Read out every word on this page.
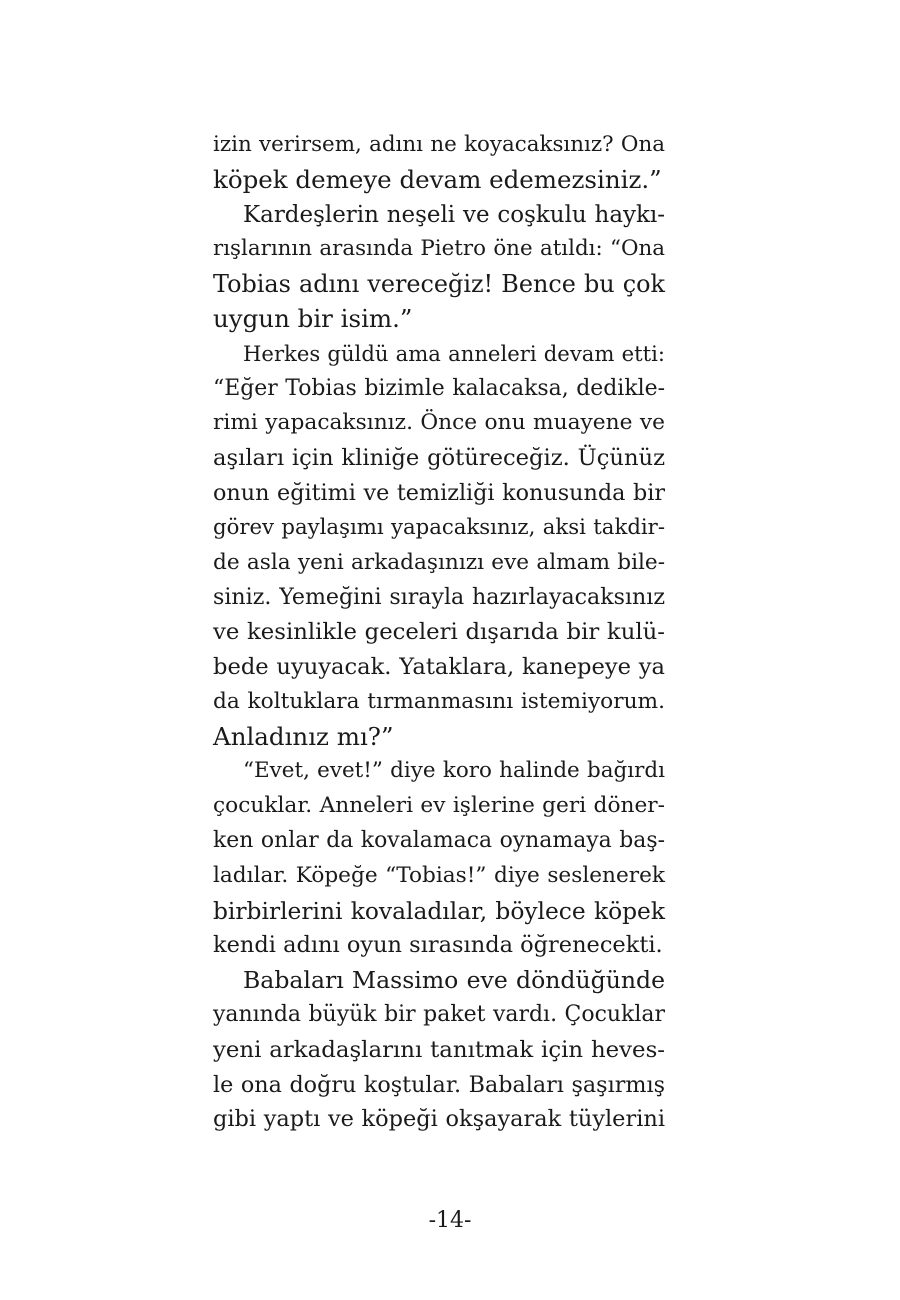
izin verirsem, adını ne koyacaksınız? Ona
köpek demeye devam edemezsiniz.”
Kardeşlerin neşeli ve coşkulu haykı-
rışlarının arasında Pietro öne atıldı: “Ona
Tobias adını vereceğiz! Bence bu çok
uygun bir isim.”
Herkes güldü ama anneleri devam etti:
“Eğer Tobias bizimle kalacaksa, dedikle-
rimi yapacaksınız. Önce onu muayene ve
aşıları için kliniğe götüreceğiz. Üçünüz
onun eğitimi ve temizliği konusunda bir
görev paylaşımı yapacaksınız, aksi takdir-
de asla yeni arkadaşınızı eve almam bile-
siniz. Yemeğini sırayla hazırlayacaksınız
ve kesinlikle geceleri dışarıda bir kulü-
bede uyuyacak. Yataklara, kanepeye ya
da koltuklara tırmanmasını istemiyorum.
Anladınız mı?”
“Evet, evet!” diye koro halinde bağırdı
çocuklar. Anneleri ev işlerine geri döner-
ken onlar da kovalamaca oynamaya baş-
ladılar. Köpeğe “Tobias!” diye seslenerek
birbirlerini kovaladılar, böylece köpek
kendi adını oyun sırasında öğrenecekti.
Babaları Massimo eve döndüğünde
yanında büyük bir paket vardı. Çocuklar
yeni arkadaşlarını tanıtmak için heves-
le ona doğru koştular. Babaları şaşırmış
gibi yaptı ve köpeği okşayarak tüylerini
-14-
